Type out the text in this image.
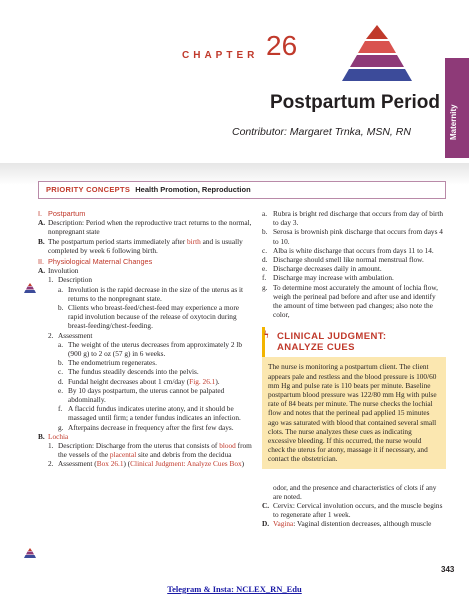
CHAPTER 26
Postpartum Period
Contributor: Margaret Trnka, MSN, RN	Maternity
PRIORITY CONCEPTS Health Promotion, Reproduction
I. Postpartum
A. Description: Period when the reproductive tract returns to the normal, nonpregnant state
B. The postpartum period starts immediately after birth and is usually completed by week 6 following birth.
II. Physiological Maternal Changes
A. Involution
1. Description
a. Involution is the rapid decrease in the size of the uterus as it returns to the nonpregnant state.
b. Clients who breast-feed/chest-feed may experience a more rapid involution because of the release of oxytocin during breast-feeding/chest-feeding.
2. Assessment
a. The weight of the uterus decreases from approximately 2 lb (900 g) to 2 oz (57 g) in 6 weeks.
b. The endometrium regenerates.
c. The fundus steadily descends into the pelvis.
d. Fundal height decreases about 1 cm/day (Fig. 26.1).
e. By 10 days postpartum, the uterus cannot be palpated abdominally.
f. A flaccid fundus indicates uterine atony, and it should be massaged until firm; a tender fundus indicates an infection.
g. Afterpains decrease in frequency after the first few days.
B. Lochia
1. Description: Discharge from the uterus that consists of blood from the vessels of the placental site and debris from the decidua
2. Assessment (Box 26.1) (Clinical Judgment: Analyze Cues Box)
a. Rubra is bright red discharge that occurs from day of birth to day 3.
b. Serosa is brownish pink discharge that occurs from days 4 to 10.
c. Alba is white discharge that occurs from days 11 to 14.
d. Discharge should smell like normal menstrual flow.
e. Discharge decreases daily in amount.
f. Discharge may increase with ambulation.
g. To determine most accurately the amount of lochia flow, weigh the perineal pad before and after use and identify the amount of time between pad changes; also note the color,
ϟ CLINICAL JUDGMENT:
ANALYZE CUES
The nurse is monitoring a postpartum client. The client appears pale and restless and the blood pressure is 100/60 mm Hg and pulse rate is 110 beats per minute. Baseline postpartum blood pressure was 122/80 mm Hg with pulse rate of 84 beats per minute. The nurse checks the lochial flow and notes that the perineal pad applied 15 minutes ago was saturated with blood that contained several small clots. The nurse analyzes these cues as indicating excessive bleeding. If this occurred, the nurse would check the uterus for atony, massage it if necessary, and contact the obstetrician.
odor, and the presence and characteristics of clots if any are noted.
C. Cervix: Cervical involution occurs, and the muscle begins to regenerate after 1 week.
D. Vagina: Vaginal distention decreases, although muscle
343
Telegram & Insta: NCLEX_RN_Edu
